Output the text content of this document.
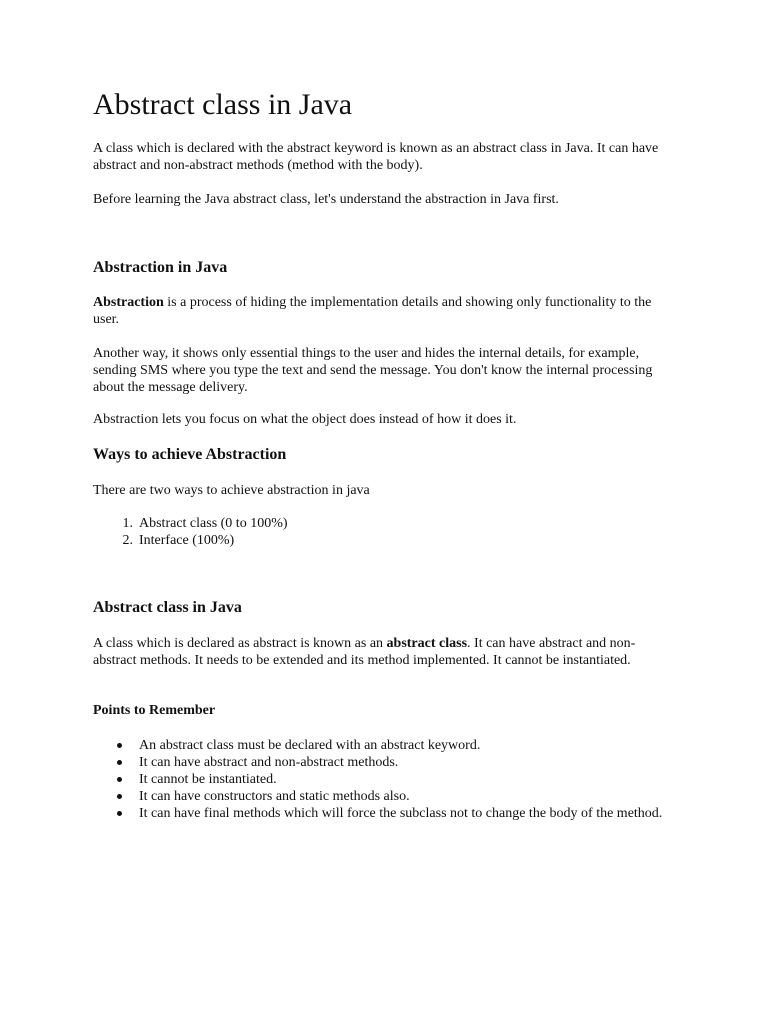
Abstract class in Java

A class which is declared with the abstract keyword is known as an abstract class in Java. It can have abstract and non-abstract methods (method with the body).

Before learning the Java abstract class, let's understand the abstraction in Java first.

Abstraction in Java

Abstraction is a process of hiding the implementation details and showing only functionality to the user.

Another way, it shows only essential things to the user and hides the internal details, for example, sending SMS where you type the text and send the message. You don't know the internal processing about the message delivery.

Abstraction lets you focus on what the object does instead of how it does it.

Ways to achieve Abstraction

There are two ways to achieve abstraction in java

1. Abstract class (0 to 100%)
2. Interface (100%)
Abstract class in Java

A class which is declared as abstract is known as an abstract class. It can have abstract and non-abstract methods. It needs to be extended and its method implemented. It cannot be instantiated.

Points to Remember
An abstract class must be declared with an abstract keyword.
It can have abstract and non-abstract methods.
It cannot be instantiated.
It can have constructors and static methods also.
It can have final methods which will force the subclass not to change the body of the method.
